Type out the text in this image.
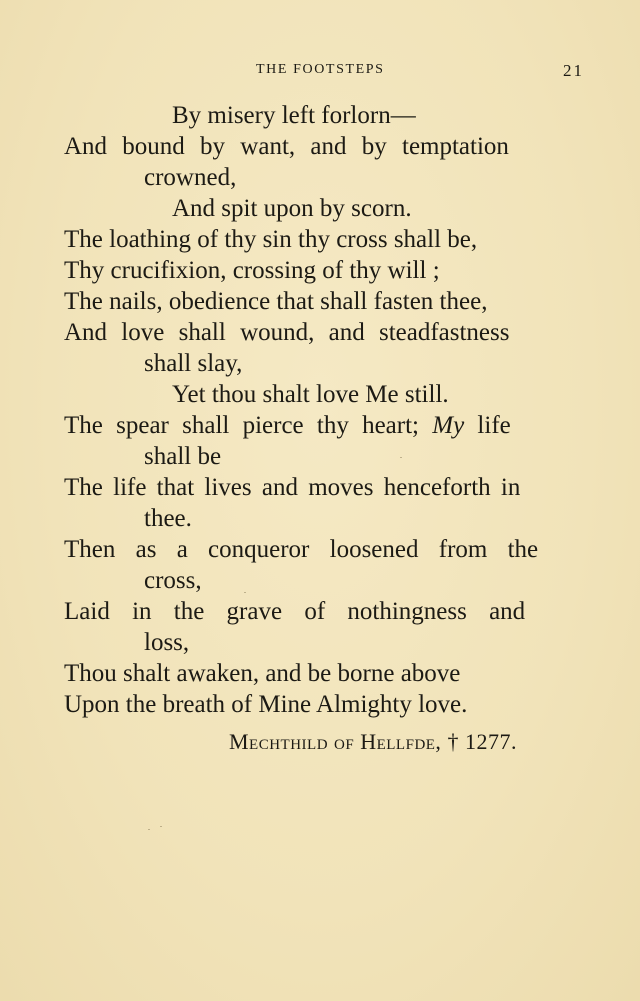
THE FOOTSTEPS	21
By misery left forlorn—
And bound by want, and by temptation
crowned,
And spit upon by scorn.
The loathing of thy sin thy cross shall be,
Thy crucifixion, crossing of thy will ;
The nails, obedience that shall fasten thee,
And love shall wound, and steadfastness
shall slay,
Yet thou shalt love Me still.
The spear shall pierce thy heart; My life
shall be
The life that lives and moves henceforth in
thee.
Then as a conqueror loosened from the
cross,
Laid in the grave of nothingness and
loss,
Thou shalt awaken, and be borne above
Upon the breath of Mine Almighty love.
Mechthild of Hellfde, † 1277.
